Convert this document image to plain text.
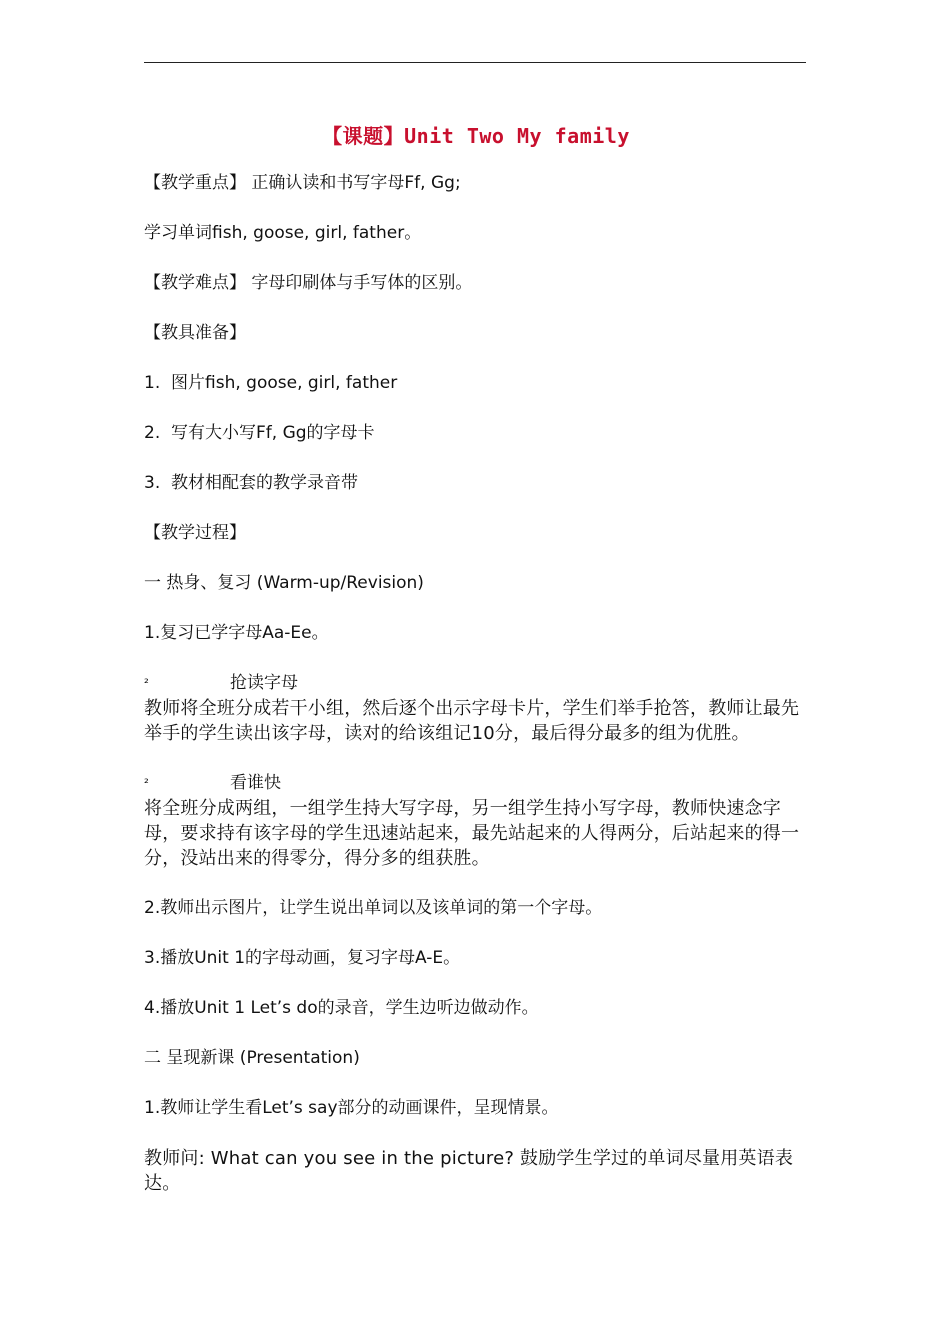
【课题】Unit Two My family
【教学重点】 正确认读和书写字母Ff, Gg;
学习单词fish, goose, girl, father。
【教学难点】 字母印刷体与手写体的区别。
【教具准备】
1.  图片fish, goose, girl, father
2.  写有大小写Ff, Gg的字母卡
3.  教材相配套的教学录音带
【教学过程】
一 热身、复习 (Warm-up/Revision)
1.复习已学字母Aa-Ee。
²	抢读字母
教师将全班分成若干小组，然后逐个出示字母卡片，学生们举手抢答，教师让最先举手的学生读出该字母，读对的给该组记10分，最后得分最多的组为优胜。
²	看谁快
将全班分成两组，一组学生持大写字母，另一组学生持小写字母，教师快速念字母，要求持有该字母的学生迅速站起来，最先站起来的人得两分，后站起来的得一分，没站出来的得零分，得分多的组获胜。
2.教师出示图片，让学生说出单词以及该单词的第一个字母。
3.播放Unit 1的字母动画，复习字母A-E。
4.播放Unit 1 Let’s do的录音，学生边听边做动作。
二 呈现新课 (Presentation)
1.教师让学生看Let’s say部分的动画课件，呈现情景。
教师问: What can you see in the picture? 鼓励学生学过的单词尽量用英语表达。
